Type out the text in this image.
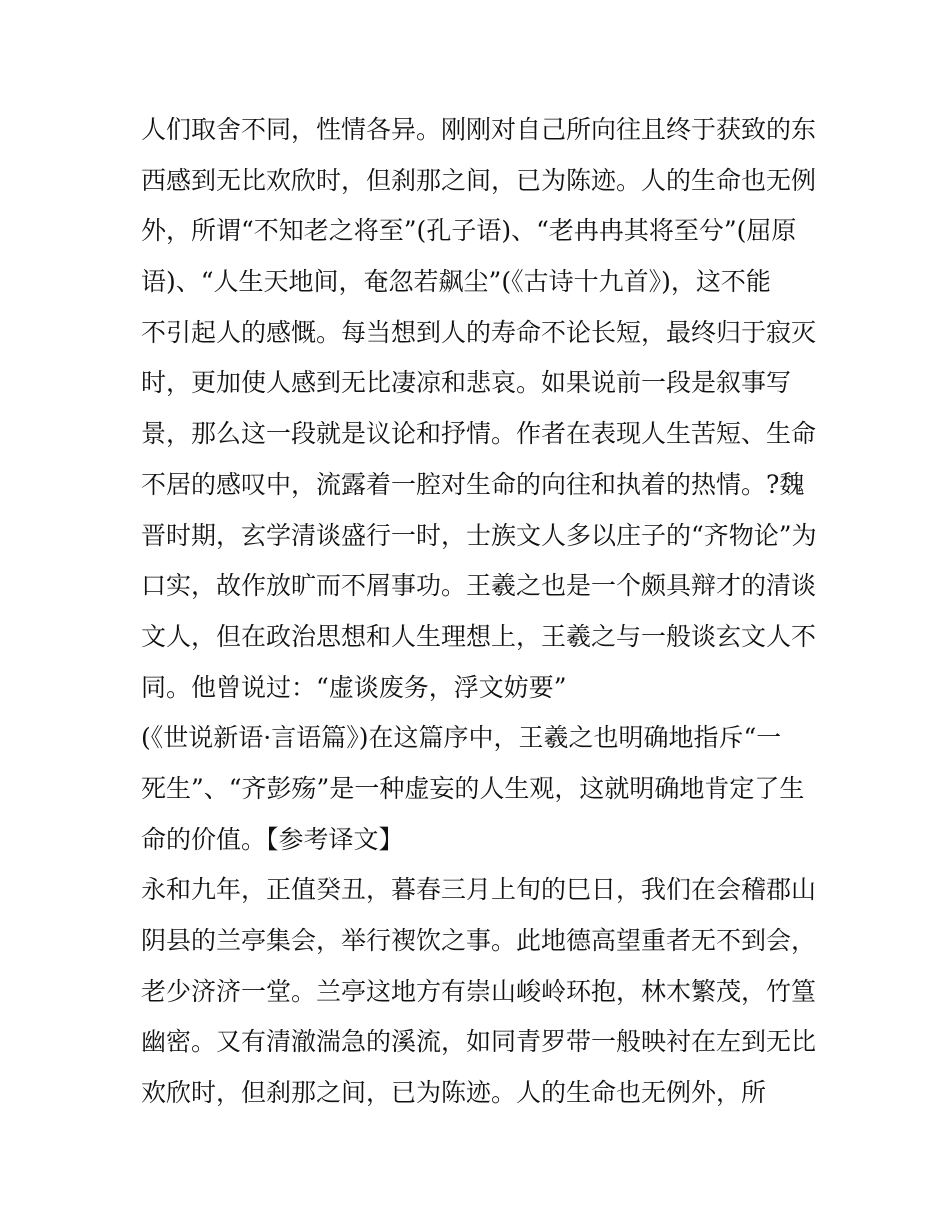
人们取舍不同，性情各异。刚刚对自己所向往且终于获致的东
西感到无比欢欣时，但刹那之间，已为陈迹。人的生命也无例
外，所谓“不知老之将至”(孔子语)、“老冉冉其将至兮”(屈原
语)、“人生天地间，奄忽若飙尘”(《古诗十九首》)，这不能
不引起人的感慨。每当想到人的寿命不论长短，最终归于寂灭
时，更加使人感到无比凄凉和悲哀。如果说前一段是叙事写
景，那么这一段就是议论和抒情。作者在表现人生苦短、生命
不居的感叹中，流露着一腔对生命的向往和执着的热情。?魏
晋时期，玄学清谈盛行一时，士族文人多以庄子的“齐物论”为
口实，故作放旷而不屑事功。王羲之也是一个颇具辩才的清谈
文人，但在政治思想和人生理想上，王羲之与一般谈玄文人不
同。他曾说过：“虚谈废务，浮文妨要”
(《世说新语·言语篇》)在这篇序中，王羲之也明确地指斥“一
死生”、“齐彭殇”是一种虚妄的人生观，这就明确地肯定了生
命的价值。【参考译文】
永和九年，正值癸丑，暮春三月上旬的巳日，我们在会稽郡山
阴县的兰亭集会，举行褉饮之事。此地德高望重者无不到会，
老少济济一堂。兰亭这地方有崇山峻岭环抱，林木繁茂，竹篁
幽密。又有清澈湍急的溪流，如同青罗带一般映衬在左到无比
欢欣时，但刹那之间，已为陈迹。人的生命也无例外，所
